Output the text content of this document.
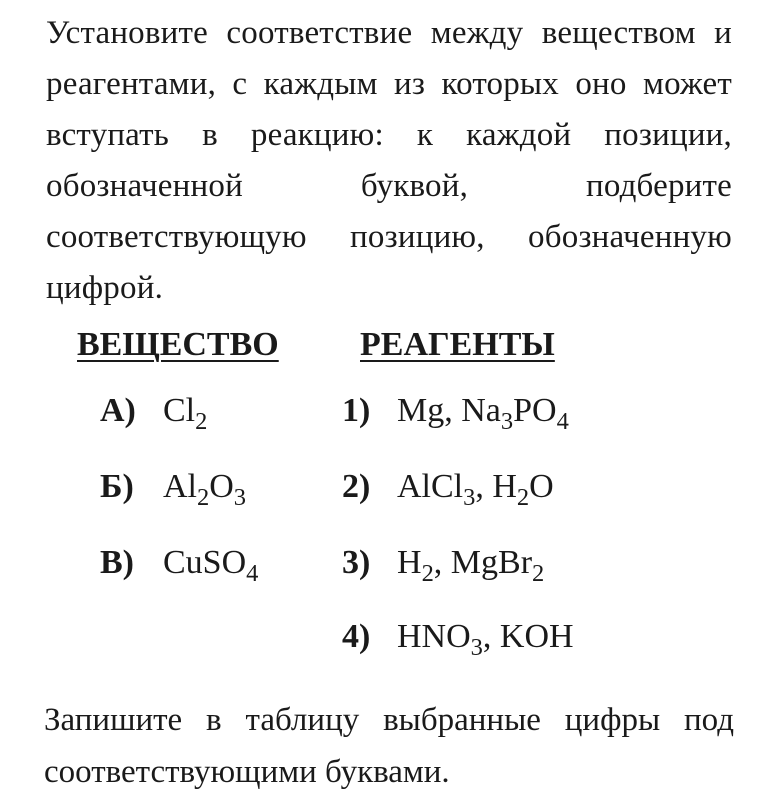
Установите соответствие между веществом и реагентами, с каждым из которых оно может вступать в реакцию: к каждой позиции, обозначенной буквой, подберите соответствующую позицию, обозначенную цифрой.
ВЕЩЕСТВО РЕАГЕНТЫ
А) $Cl_2$	1) Mg, $Na_3PO_4$
Б) $Al_2O_3$	2) AlCl$_3$, $H_2O$
В) CuSO$_4$ 3) $H_2$, MgBr$_2$
4) $HNO_3$, KOH
Запишите в таблицу выбранные цифры под соответствующими буквами.
